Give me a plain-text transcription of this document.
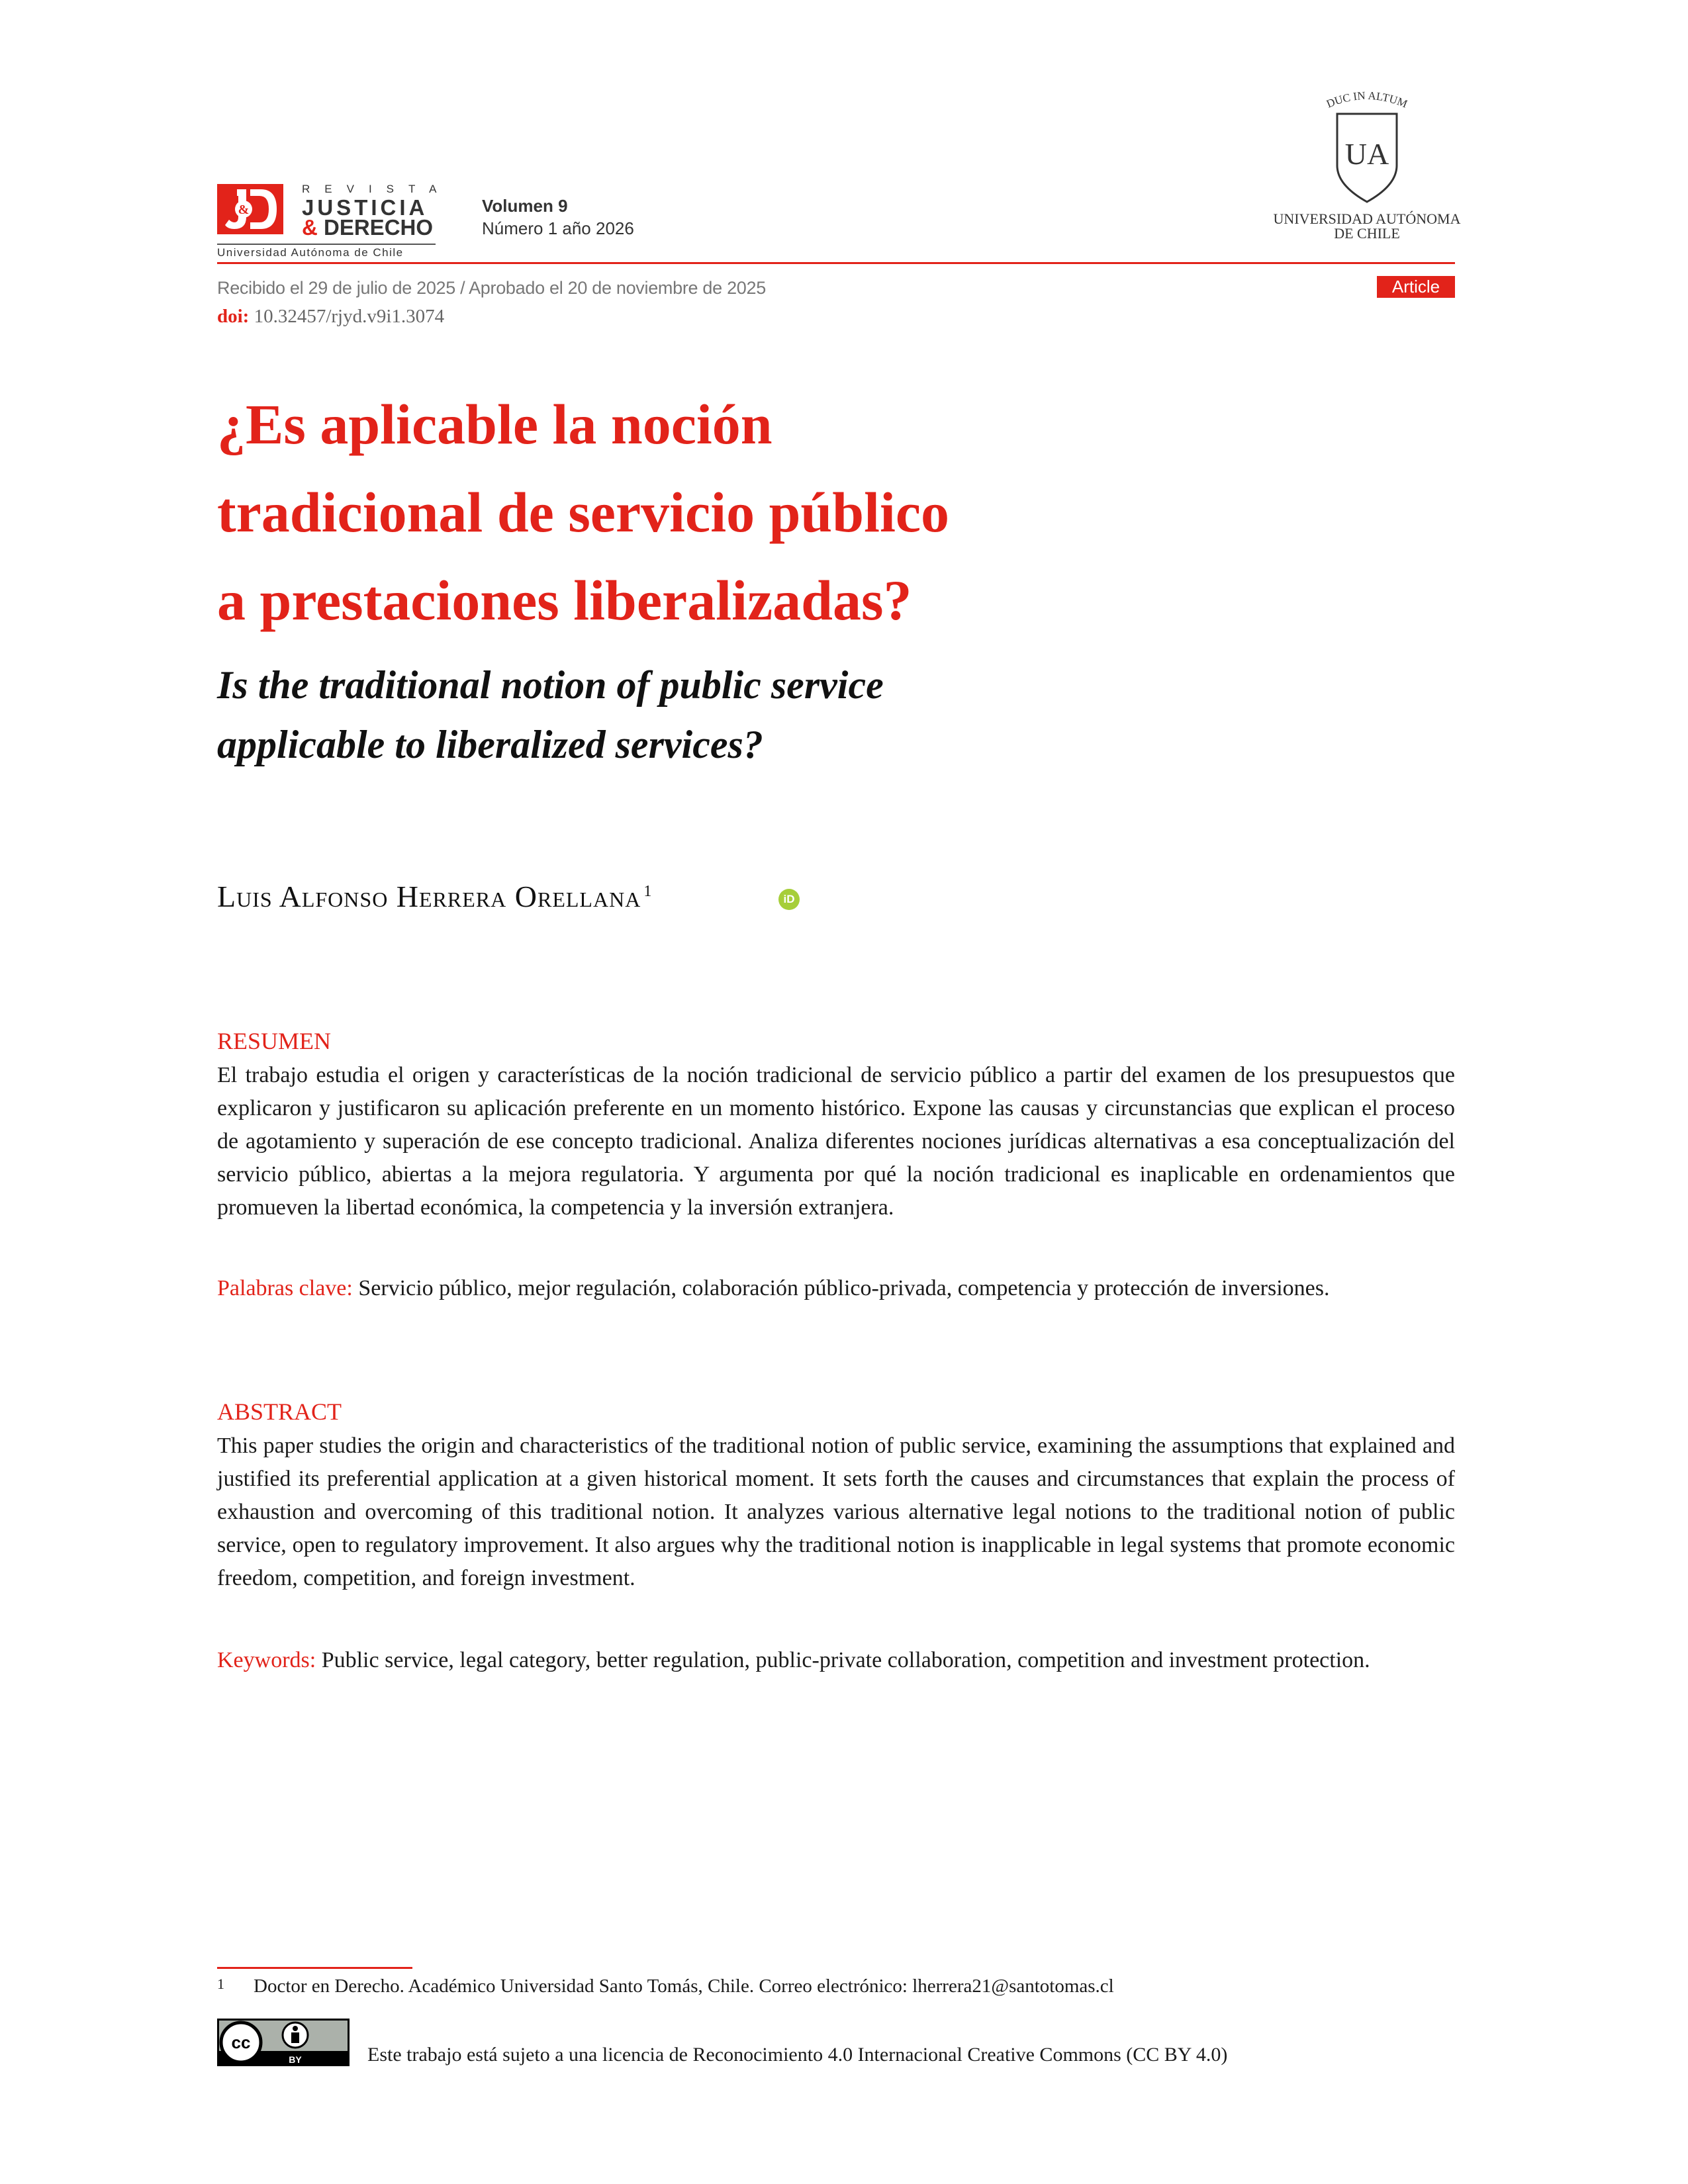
&
REVISTA
JUSTICIA
& DERECHO
Universidad Autónoma de Chile
Volumen 9
Número 1 año 2026
DUC IN ALTUM
UA
UNIVERSIDAD AUTÓNOMA
DE CHILE
Recibido el 29 de julio de 2025 / Aprobado el 20 de noviembre de 2025	Article
doi: 10.32457/rjyd.v9i1.3074
¿Es aplicable la noción
tradicional de servicio público
a prestaciones liberalizadas?
Is the traditional notion of public service
applicable to liberalized services?
Luis Alfonso Herrera Orellana $^1$	iD
RESUMEN
El trabajo estudia el origen y características de la noción tradicional de servicio público a partir del examen de los presupuestos que explicaron y justificaron su aplicación preferente en un momento histórico. Expone las causas y circunstancias que explican el proceso de agotamiento y superación de ese concepto tradicional. Analiza diferentes nociones jurídicas alternativas a esa conceptualización del servicio público, abiertas a la mejora regulatoria. Y argumenta por qué la noción tradicional es inaplicable en ordenamientos que promueven la libertad económica, la competencia y la inversión extranjera.
Palabras clave: Servicio público, mejor regulación, colaboración público-privada, competencia y protección de inversiones.
ABSTRACT
This paper studies the origin and characteristics of the traditional notion of public service, examining the assumptions that explained and justified its preferential application at a given historical moment. It sets forth the causes and circumstances that explain the process of exhaustion and overcoming of this traditional notion. It analyzes various alternative legal notions to the traditional notion of public service, open to regulatory improvement. It also argues why the traditional notion is inapplicable in legal systems that promote economic freedom, competition, and foreign investment.
Keywords: Public service, legal category, better regulation, public-private collaboration, competition and investment protection.
1 Doctor en Derecho. Académico Universidad Santo Tomás, Chile. Correo electrónico: lherrera21@santotomas.cl
cc
BY	Este trabajo está sujeto a una licencia de Reconocimiento 4.0 Internacional Creative Commons (CC BY 4.0)
